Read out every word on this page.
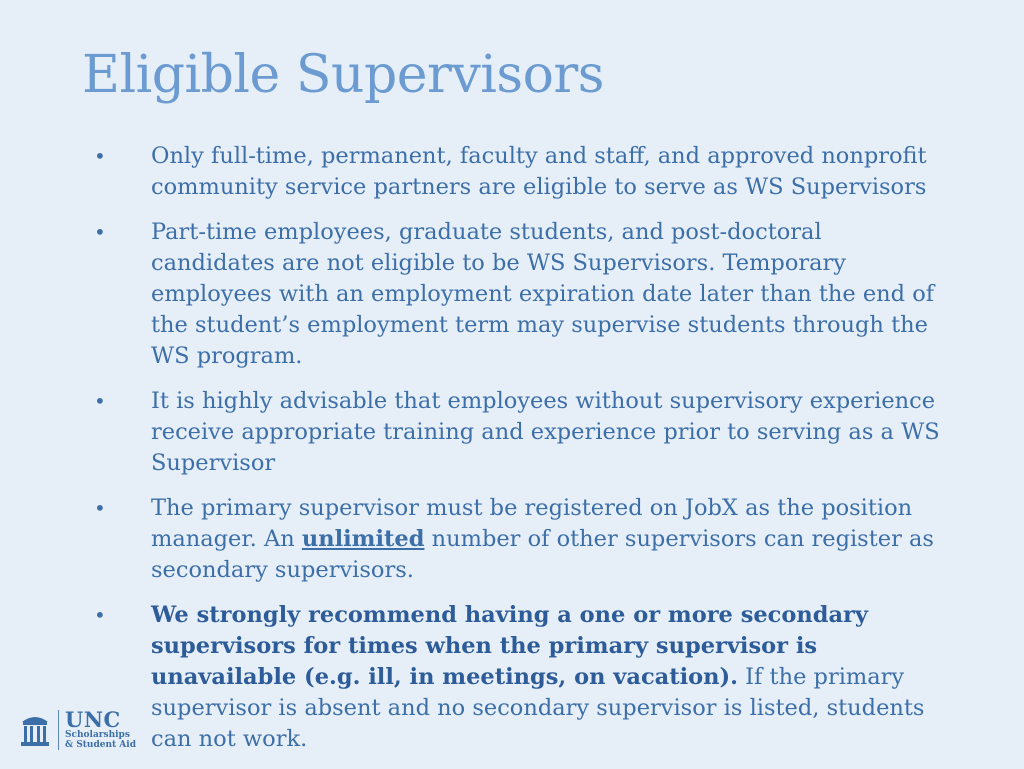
Eligible Supervisors
• Only full-time, permanent, faculty and staff, and approved nonprofit community service partners are eligible to serve as WS Supervisors
• Part-time employees, graduate students, and post-doctoral candidates are not eligible to be WS Supervisors. Temporary employees with an employment expiration date later than the end of the student’s employment term may supervise students through the WS program.
• It is highly advisable that employees without supervisory experience receive appropriate training and experience prior to serving as a WS Supervisor
• The primary supervisor must be registered on JobX as the position manager. An unlimited number of other supervisors can register as secondary supervisors.
• We strongly recommend having a one or more secondary supervisors for times when the primary supervisor is unavailable (e.g. ill, in meetings, on vacation). If the primary supervisor is absent and no secondary supervisor is listed, students can not work.
UNC
Scholarships
& Student Aid
